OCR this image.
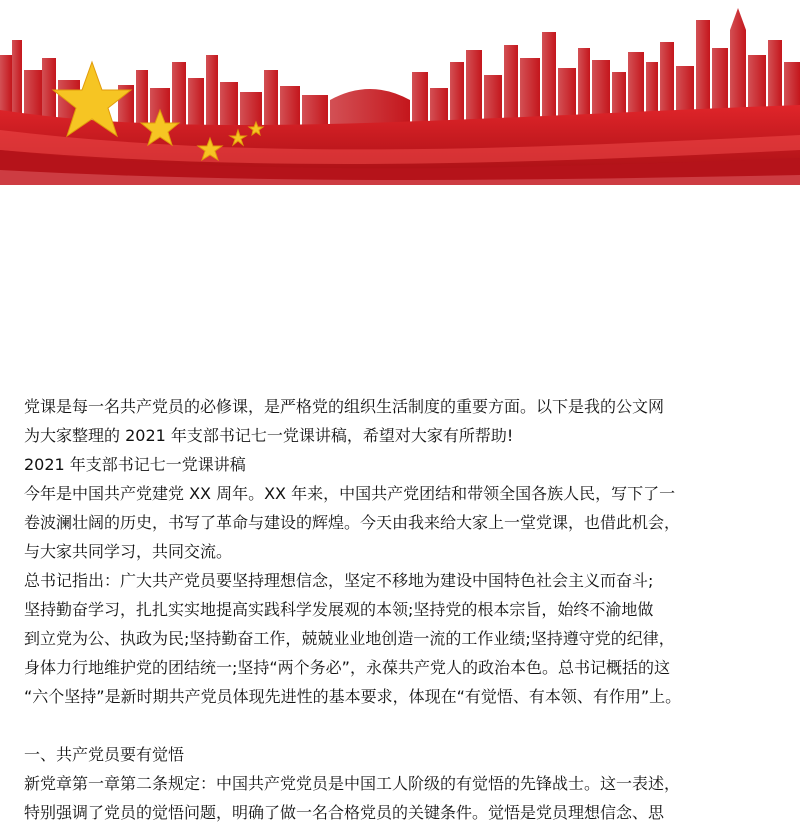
党课是每一名共产党员的必修课，是严格党的组织生活制度的重要方面。以下是我的公文网
为大家整理的 2021 年支部书记七一党课讲稿，希望对大家有所帮助!
2021 年支部书记七一党课讲稿
今年是中国共产党建党 XX 周年。XX 年来，中国共产党团结和带领全国各族人民，写下了一
卷波澜壮阔的历史，书写了革命与建设的辉煌。今天由我来给大家上一堂党课，也借此机会，
与大家共同学习，共同交流。
总书记指出：广大共产党员要坚持理想信念，坚定不移地为建设中国特色社会主义而奋斗;
坚持勤奋学习，扎扎实实地提高实践科学发展观的本领;坚持党的根本宗旨，始终不渝地做
到立党为公、执政为民;坚持勤奋工作，兢兢业业地创造一流的工作业绩;坚持遵守党的纪律，
身体力行地维护党的团结统一;坚持“两个务必”，永葆共产党人的政治本色。总书记概括的这
“六个坚持”是新时期共产党员体现先进性的基本要求，体现在“有觉悟、有本领、有作用”上。
一、共产党员要有觉悟
新党章第一章第二条规定：中国共产党党员是中国工人阶级的有觉悟的先锋战士。这一表述，
特别强调了党员的觉悟问题，明确了做一名合格党员的关键条件。觉悟是党员理想信念、思
